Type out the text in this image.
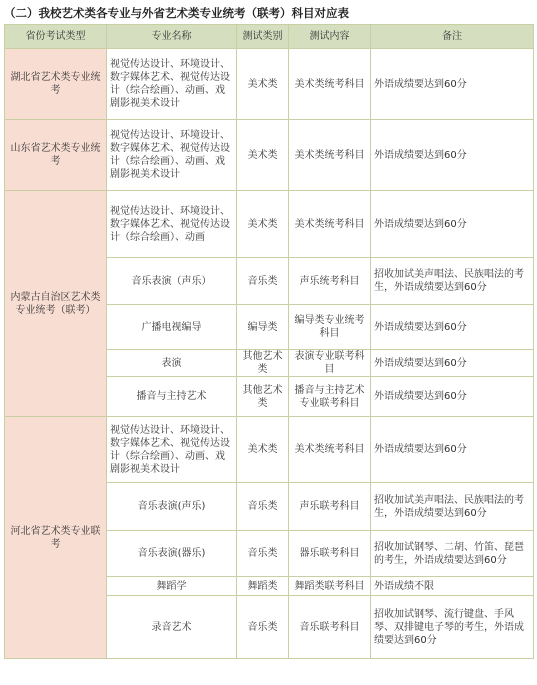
（二）我校艺术类各专业与外省艺术类专业统考（联考）科目对应表
省份考试类型	专业名称	测试类别	测试内容	备注
湖北省艺术类专业统考	视觉传达设计、环境设计、数字媒体艺术、视觉传达设计（综合绘画）、动画、戏剧影视美术设计	美术类	美术类统考科目	外语成绩要达到60分
山东省艺术类专业统考	视觉传达设计、环境设计、数字媒体艺术、视觉传达设计（综合绘画）、动画、戏剧影视美术设计	美术类	美术类统考科目	外语成绩要达到60分
内蒙古自治区艺术类专业统考（联考）	视觉传达设计、环境设计、数字媒体艺术、视觉传达设计（综合绘画）、动画	美术类	美术类统考科目	外语成绩要达到60分
	音乐表演（声乐）	音乐类	声乐统考科目	招收加试美声唱法、民族唱法的考生，外语成绩要达到60分
	广播电视编导	编导类	编导类专业统考科目	外语成绩要达到60分
	表演	其他艺术类	表演专业联考科目	外语成绩要达到60分
	播音与主持艺术	其他艺术类	播音与主持艺术专业联考科目	外语成绩要达到60分
河北省艺术类专业联考	视觉传达设计、环境设计、数字媒体艺术、视觉传达设计（综合绘画）、动画、戏剧影视美术设计	美术类	美术类统考科目	外语成绩要达到60分
	音乐表演(声乐)	音乐类	声乐联考科目	招收加试美声唱法、民族唱法的考生，外语成绩要达到60分
	音乐表演(器乐)	音乐类	器乐联考科目	招收加试钢琴、二胡、竹笛、琵琶的考生，外语成绩要达到60分
	舞蹈学	舞蹈类	舞蹈类联考科目	外语成绩不限
	录音艺术	音乐类	音乐联考科目	招收加试钢琴、流行键盘、手风琴、双排键电子琴的考生，外语成绩要达到60分
